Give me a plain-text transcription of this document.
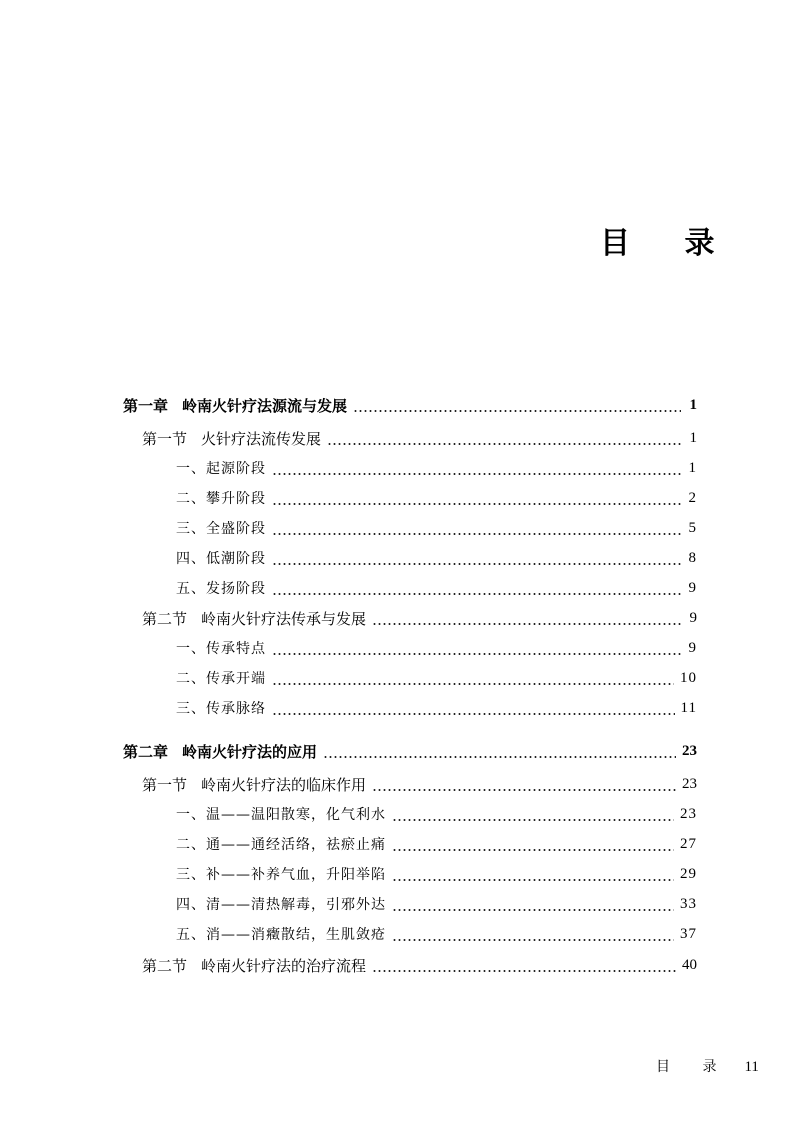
目 录
第一章 岭南火针疗法源流与发展	1
第一节 火针疗法流传发展	1
一、起源阶段	1
二、攀升阶段	2
三、全盛阶段	5
四、低潮阶段	8
五、发扬阶段	9
第二节 岭南火针疗法传承与发展	9
一、传承特点	9
二、传承开端	10
三、传承脉络	11
第二章 岭南火针疗法的应用	23
第一节 岭南火针疗法的临床作用	23
一、温——温阳散寒，化气利水	23
二、通——通经活络，祛瘀止痛	27
三、补——补养气血，升阳举陷	29
四、清——清热解毒，引邪外达	33
五、消——消癥散结，生肌敛疮	37
第二节 岭南火针疗法的治疗流程	40
目 录 11
